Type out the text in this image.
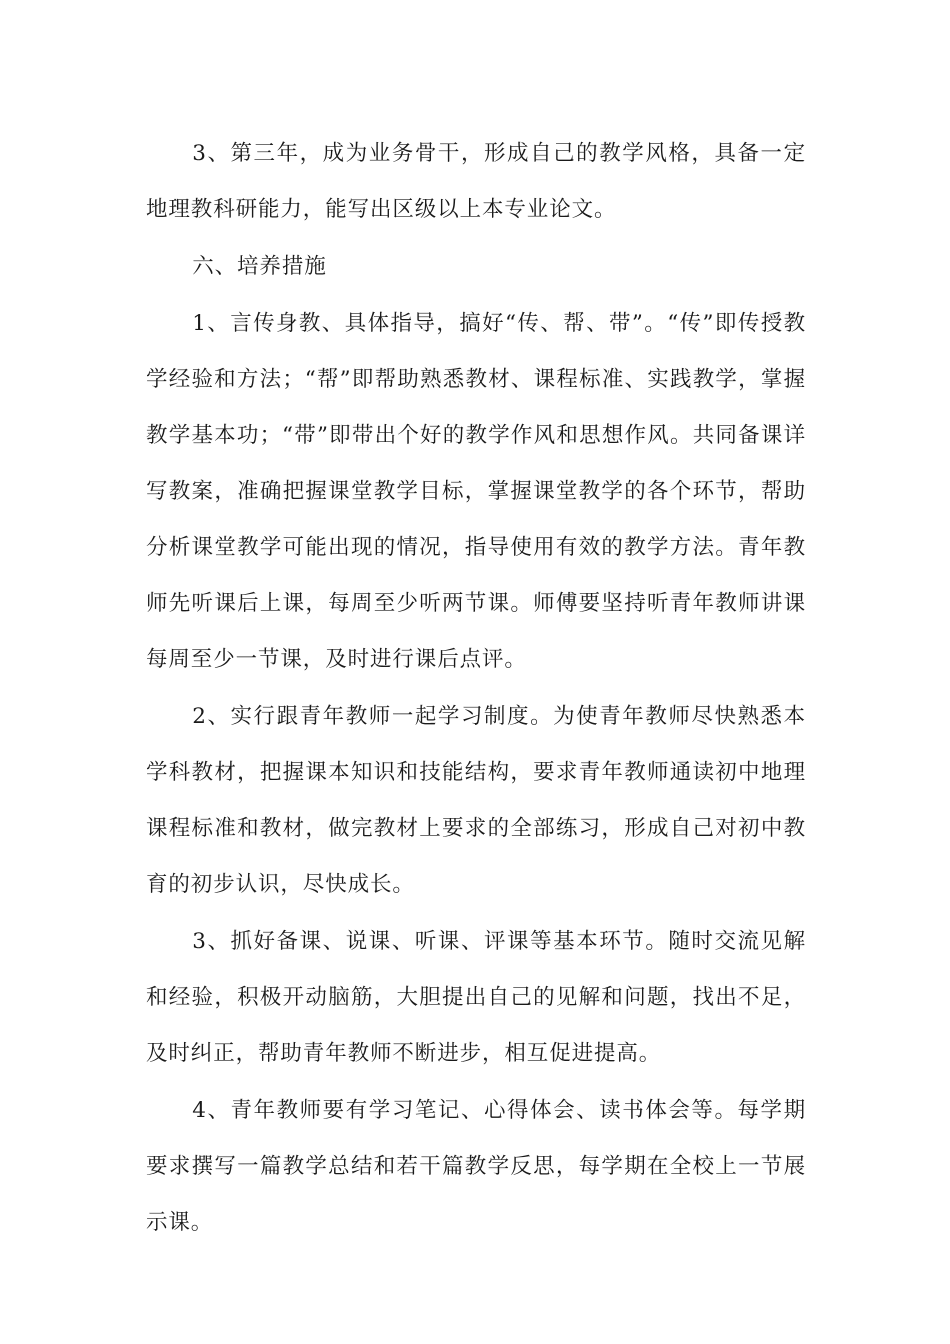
3、第三年，成为业务骨干，形成自己的教学风格，具备一定地理教科研能力，能写出区级以上本专业论文。

六、培养措施

1、言传身教、具体指导，搞好“传、帮、带”。“传”即传授教学经验和方法；“帮”即帮助熟悉教材、课程标准、实践教学，掌握教学基本功；“带”即带出个好的教学作风和思想作风。共同备课详写教案，准确把握课堂教学目标，掌握课堂教学的各个环节，帮助分析课堂教学可能出现的情况，指导使用有效的教学方法。青年教师先听课后上课，每周至少听两节课。师傅要坚持听青年教师讲课每周至少一节课，及时进行课后点评。

2、实行跟青年教师一起学习制度。为使青年教师尽快熟悉本学科教材，把握课本知识和技能结构，要求青年教师通读初中地理课程标准和教材，做完教材上要求的全部练习，形成自己对初中教育的初步认识，尽快成长。

3、抓好备课、说课、听课、评课等基本环节。随时交流见解和经验，积极开动脑筋，大胆提出自己的见解和问题，找出不足，及时纠正，帮助青年教师不断进步，相互促进提高。

4、青年教师要有学习笔记、心得体会、读书体会等。每学期要求撰写一篇教学总结和若干篇教学反思，每学期在全校上一节展示课。
